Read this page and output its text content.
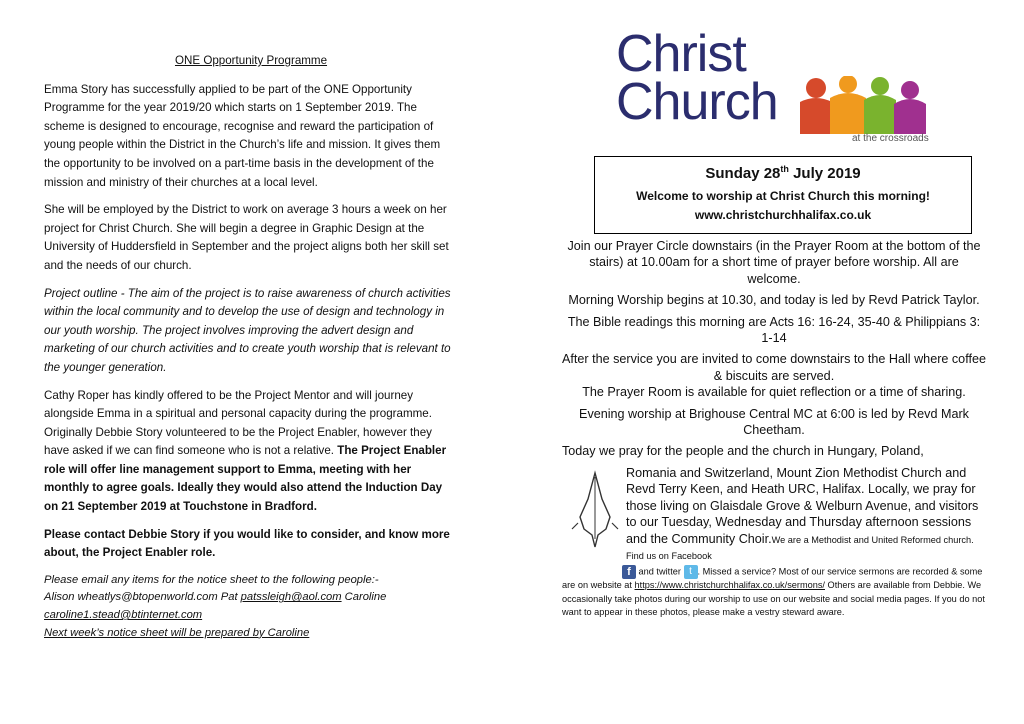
ONE Opportunity Programme

Emma Story has successfully applied to be part of the ONE Opportunity Programme for the year 2019/20 which starts on 1 September 2019. The scheme is designed to encourage, recognise and reward the participation of young people within the District in the Church’s life and mission. It gives them the opportunity to be involved on a part-time basis in the development of the mission and ministry of their churches at a local level.

She will be employed by the District to work on average 3 hours a week on her project for Christ Church. She will begin a degree in Graphic Design at the University of Huddersfield in September and the project aligns both her skill set and the needs of our church.

Project outline - The aim of the project is to raise awareness of church activities within the local community and to develop the use of design and technology in our youth worship. The project involves improving the advert design and marketing of our church activities and to create youth worship that is relevant to the younger generation.

Cathy Roper has kindly offered to be the Project Mentor and will journey alongside Emma in a spiritual and personal capacity during the programme. Originally Debbie Story volunteered to be the Project Enabler, however they have asked if we can find someone who is not a relative. The Project Enabler role will offer line management support to Emma, meeting with her monthly to agree goals. Ideally they would also attend the Induction Day on 21 September 2019 at Touchstone in Bradford.

Please contact Debbie Story if you would like to consider, and know more about, the Project Enabler role.

Please email any items for the notice sheet to the following people:-
Alison wheatlys@btopenworld.com Pat patssleigh@aol.com Caroline
caroline1.stead@btinternet.com
Next week’s notice sheet will be prepared by Caroline
Christ
Church
at the crossroads
Sunday 28th July 2019
Welcome to worship at Christ Church this morning!
www.christchurchhalifax.co.uk

Join our Prayer Circle downstairs (in the Prayer Room at the bottom of the stairs) at 10.00am for a short time of prayer before worship. All are welcome.

Morning Worship begins at 10.30, and today is led by Revd Patrick Taylor.

The Bible readings this morning are Acts 16: 16-24, 35-40 & Philippians 3: 1-14

After the service you are invited to come downstairs to the Hall where coffee & biscuits are served.

The Prayer Room is available for quiet reflection or a time of sharing.

Evening worship at Brighouse Central MC at 6:00 is led by Revd Mark Cheetham.

Today we pray for the people and the church in Hungary, Poland,

Romania and Switzerland, Mount Zion Methodist Church and Revd Terry Keen, and Heath URC, Halifax. Locally, we pray for those living on Glaisdale Grove & Welburn Avenue, and visitors to our Tuesday, Wednesday and Thursday afternoon sessions and the Community Choir.We are a Methodist and United Reformed church. Find us on Facebook
f and twitter t . Missed a service? Most of our service sermons are recorded & some are on website at https://www.christchurchhalifax.co.uk/sermons/ Others are available from Debbie. We occasionally take photos during our worship to use on our website and social media pages. If you do not want to appear in these photos, please make a vestry steward aware.
